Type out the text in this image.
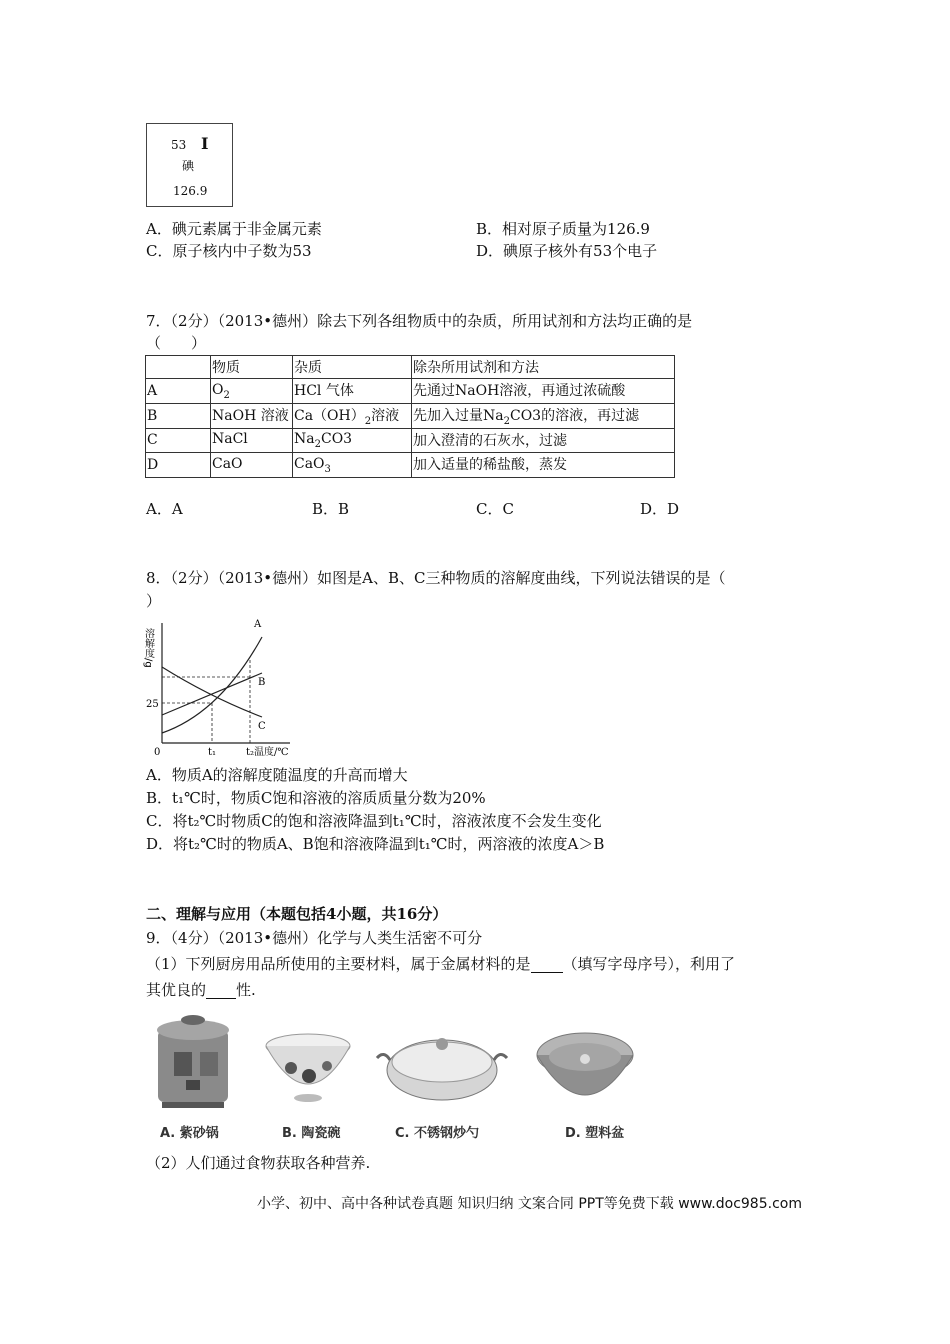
53 I
碘
126.9
A．碘元素属于非金属元素	B．相对原子质量为126.9
C．原子核内中子数为53	D．碘原子核外有53个电子
7．（2分）（2013•德州）除去下列各组物质中的杂质，所用试剂和方法均正确的是
（　　）
	物质	杂质	除杂所用试剂和方法
A	$O_2$	HCl 气体	先通过NaOH溶液，再通过浓硫酸
B	NaOH 溶液	$Ca(OH)_2$溶液	先加入过量$Na_2CO3$的溶液，再过滤
C	NaCl	$Na_2CO3$	加入澄清的石灰水，过滤
D	CaO	CaO$_3$	加入适量的稀盐酸，蒸发
A．A	B．B	C．C	D．D
8．（2分）（2013•德州）如图是A、B、C三种物质的溶解度曲线，下列说法错误的是（
）
溶解度/g
25
0	t₁	t₂ 温度/℃
A
B
C
A．物质A的溶解度随温度的升高而增大
B．t₁℃时，物质C饱和溶液的溶质质量分数为20%
C．将t₂℃时物质C的饱和溶液降温到t₁℃时，溶液浓度不会发生变化
D．将t₂℃时的物质A、B饱和溶液降温到t₁℃时，两溶液的浓度A＞B
二、理解与应用（本题包括4小题，共16分）
9．（4分）（2013•德州）化学与人类生活密不可分
（1）下列厨房用品所使用的主要材料，属于金属材料的是 （填写字母序号），利用了
其优良的 性.
A. 紫砂锅	B. 陶瓷碗	C. 不锈钢炒勺	D. 塑料盆
（2）人们通过食物获取各种营养.
小学、初中、高中各种试卷真题 知识归纳 文案合同 PPT等免费下载 www.doc985.com
